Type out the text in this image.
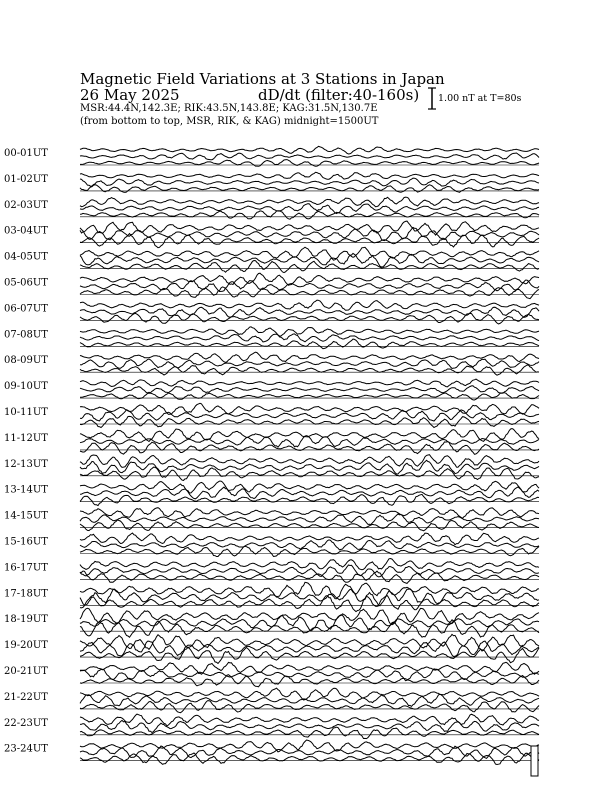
Magnetic Field Variations at 3 Stations in Japan
26 May 2025	dD/dt (filter:40-160s)
MSR:44.4N,142.3E; RIK:43.5N,143.8E; KAG:31.5N,130.7E
(from bottom to top, MSR, RIK, & KAG) midnight=1500UT
1.00 nT at T=80s
00-01UT
01-02UT
02-03UT
03-04UT
04-05UT
05-06UT
06-07UT
07-08UT
08-09UT
09-10UT
10-11UT
11-12UT
12-13UT
13-14UT
14-15UT
15-16UT
16-17UT
17-18UT
18-19UT
19-20UT
20-21UT
21-22UT
22-23UT
23-24UT
